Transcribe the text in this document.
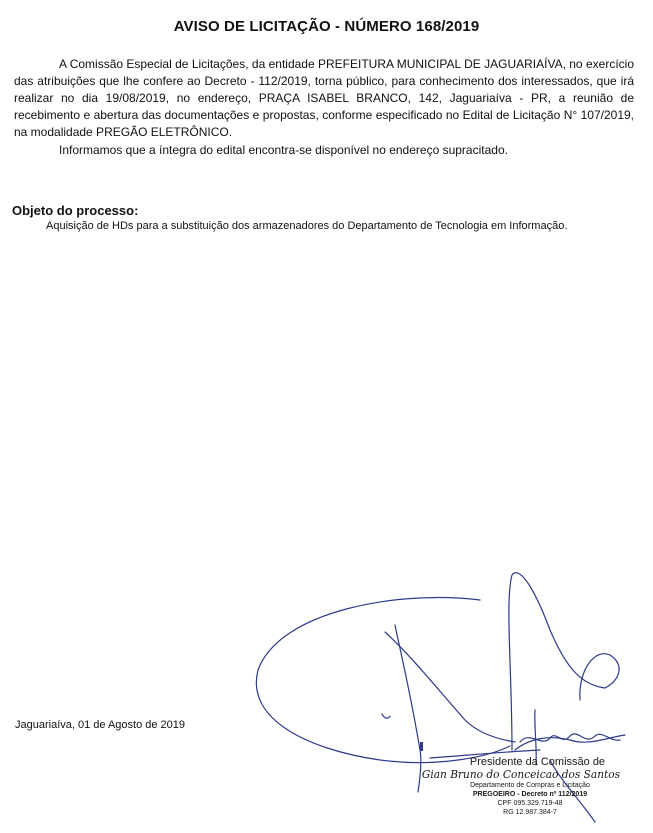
AVISO DE LICITAÇÃO - NÚMERO 168/2019
A Comissão Especial de Licitações, da entidade PREFEITURA MUNICIPAL DE JAGUARIAÍVA, no exercício das atribuições que lhe confere ao Decreto - 112/2019, torna público, para conhecimento dos interessados, que irá realizar no dia 19/08/2019, no endereço, PRAÇA ISABEL BRANCO, 142, Jaguariaíva - PR, a reunião de recebimento e abertura das documentações e propostas, conforme especificado no Edital de Licitação N° 107/2019, na modalidade PREGÃO ELETRÔNICO.
Informamos que a íntegra do edital encontra-se disponível no endereço supracitado.
Objeto do processo:
Aquisição de HDs para a substituição dos armazenadores do Departamento de Tecnologia em Informação.
Jaguariaíva, 01 de Agosto de 2019
Presidente da Comissão de
Gian Bruno do Conceicao dos Santos
Departamento de Compras e Licitação
PREGOEIRO - Decreto nº 112/2019
CPF 095.329.719-48
RG 12.987.384-7
